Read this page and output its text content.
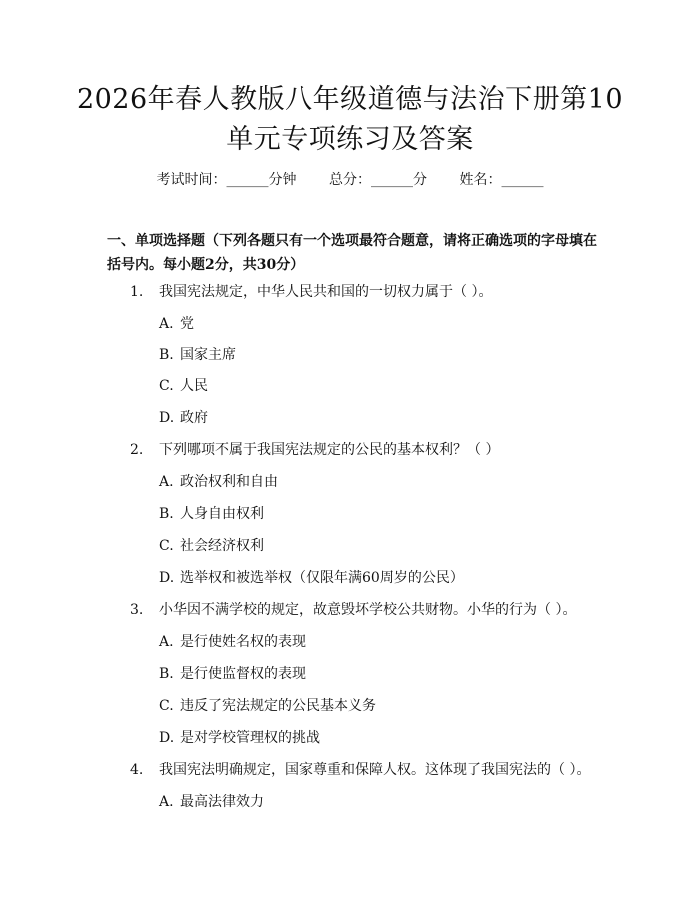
2026年春人教版八年级道德与法治下册第10
单元专项练习及答案
考试时间：______分钟 总分：______分 姓名：______

一、单项选择题（下列各题只有一个选项最符合题意，请将正确选项的字母填在括号内。每小题2分，共30分）

1. 我国宪法规定，中华人民共和国的一切权力属于（ ）。
A. 党
B. 国家主席
C. 人民
D. 政府
2. 下列哪项不属于我国宪法规定的公民的基本权利？（ ）
A. 政治权利和自由
B. 人身自由权利
C. 社会经济权利
D. 选举权和被选举权（仅限年满60周岁的公民）
3. 小华因不满学校的规定，故意毁坏学校公共财物。小华的行为（ ）。
A. 是行使姓名权的表现
B. 是行使监督权的表现
C. 违反了宪法规定的公民基本义务
D. 是对学校管理权的挑战
4. 我国宪法明确规定，国家尊重和保障人权。这体现了我国宪法的（ ）。
A. 最高法律效力
